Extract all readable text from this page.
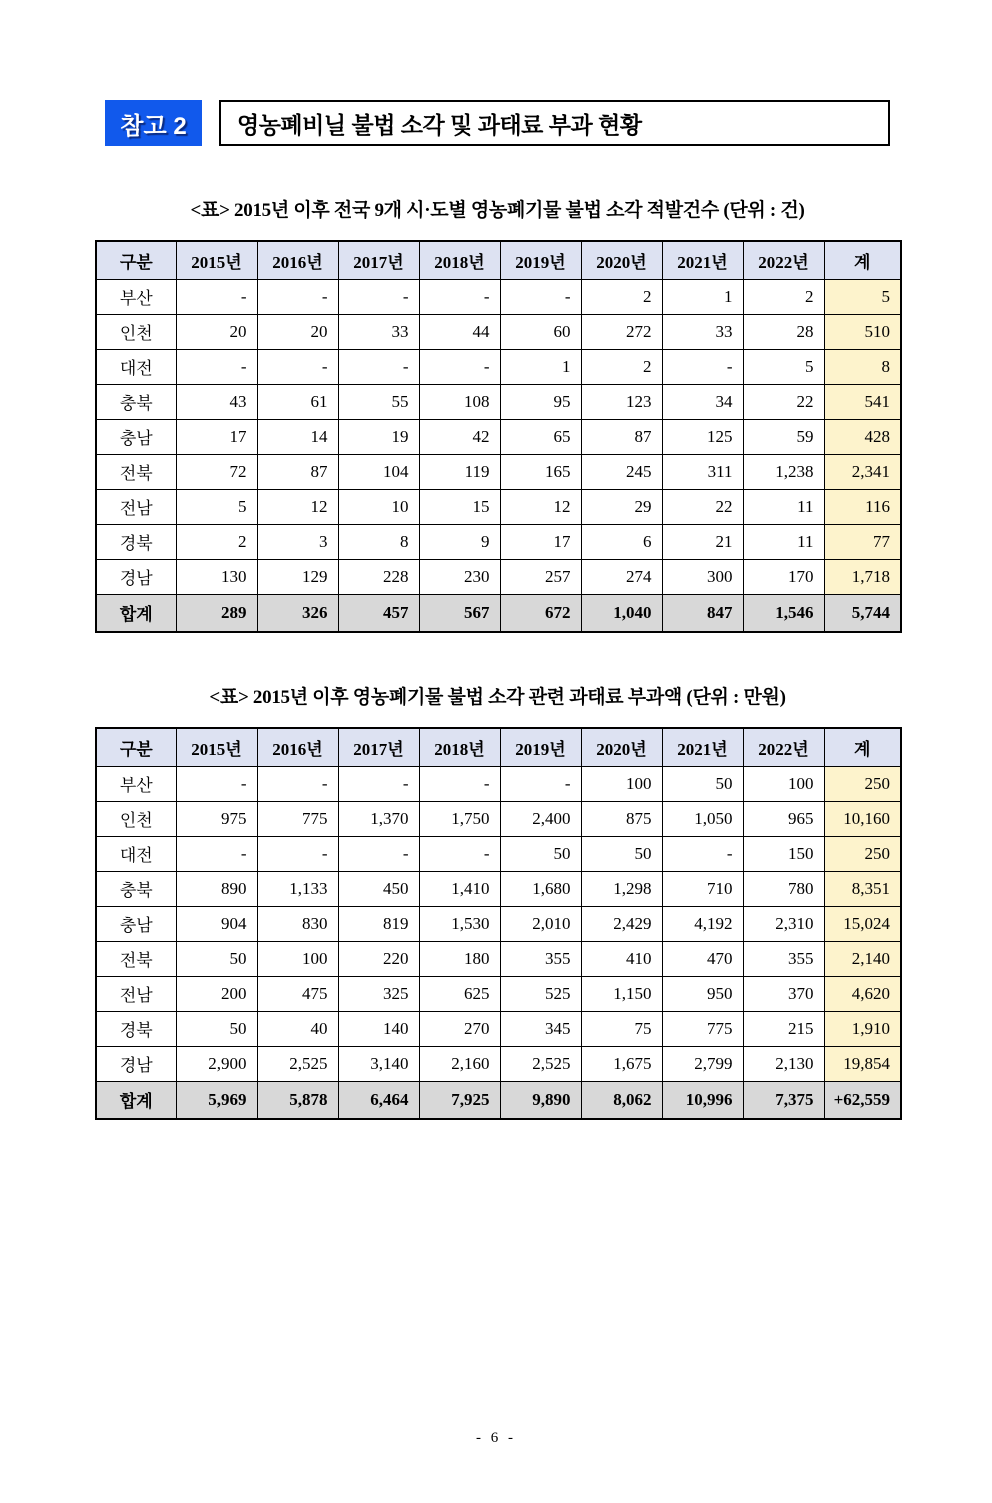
참고 2	영농폐비닐 불법 소각 및 과태료 부과 현황
<표> 2015년 이후 전국 9개 시·도별 영농폐기물 불법 소각 적발건수 (단위 : 건)
구분	2015년	2016년	2017년	2018년	2019년	2020년	2021년	2022년	계
부산	-	-	-	-	-	2	1	2	5
인천	20	20	33	44	60	272	33	28	510
대전	-	-	-	-	1	2	-	5	8
충북	43	61	55	108	95	123	34	22	541
충남	17	14	19	42	65	87	125	59	428
전북	72	87	104	119	165	245	311	1,238	2,341
전남	5	12	10	15	12	29	22	11	116
경북	2	3	8	9	17	6	21	11	77
경남	130	129	228	230	257	274	300	170	1,718
합계	289	326	457	567	672	1,040	847	1,546	5,744
<표> 2015년 이후 영농폐기물 불법 소각 관련 과태료 부과액 (단위 : 만원)
구분	2015년	2016년	2017년	2018년	2019년	2020년	2021년	2022년	계
부산	-	-	-	-	-	100	50	100	250
인천	975	775	1,370	1,750	2,400	875	1,050	965	10,160
대전	-	-	-	-	50	50	-	150	250
충북	890	1,133	450	1,410	1,680	1,298	710	780	8,351
충남	904	830	819	1,530	2,010	2,429	4,192	2,310	15,024
전북	50	100	220	180	355	410	470	355	2,140
전남	200	475	325	625	525	1,150	950	370	4,620
경북	50	40	140	270	345	75	775	215	1,910
경남	2,900	2,525	3,140	2,160	2,525	1,675	2,799	2,130	19,854
합계	5,969	5,878	6,464	7,925	9,890	8,062	10,996	7,375	+62,559
- 6 -
